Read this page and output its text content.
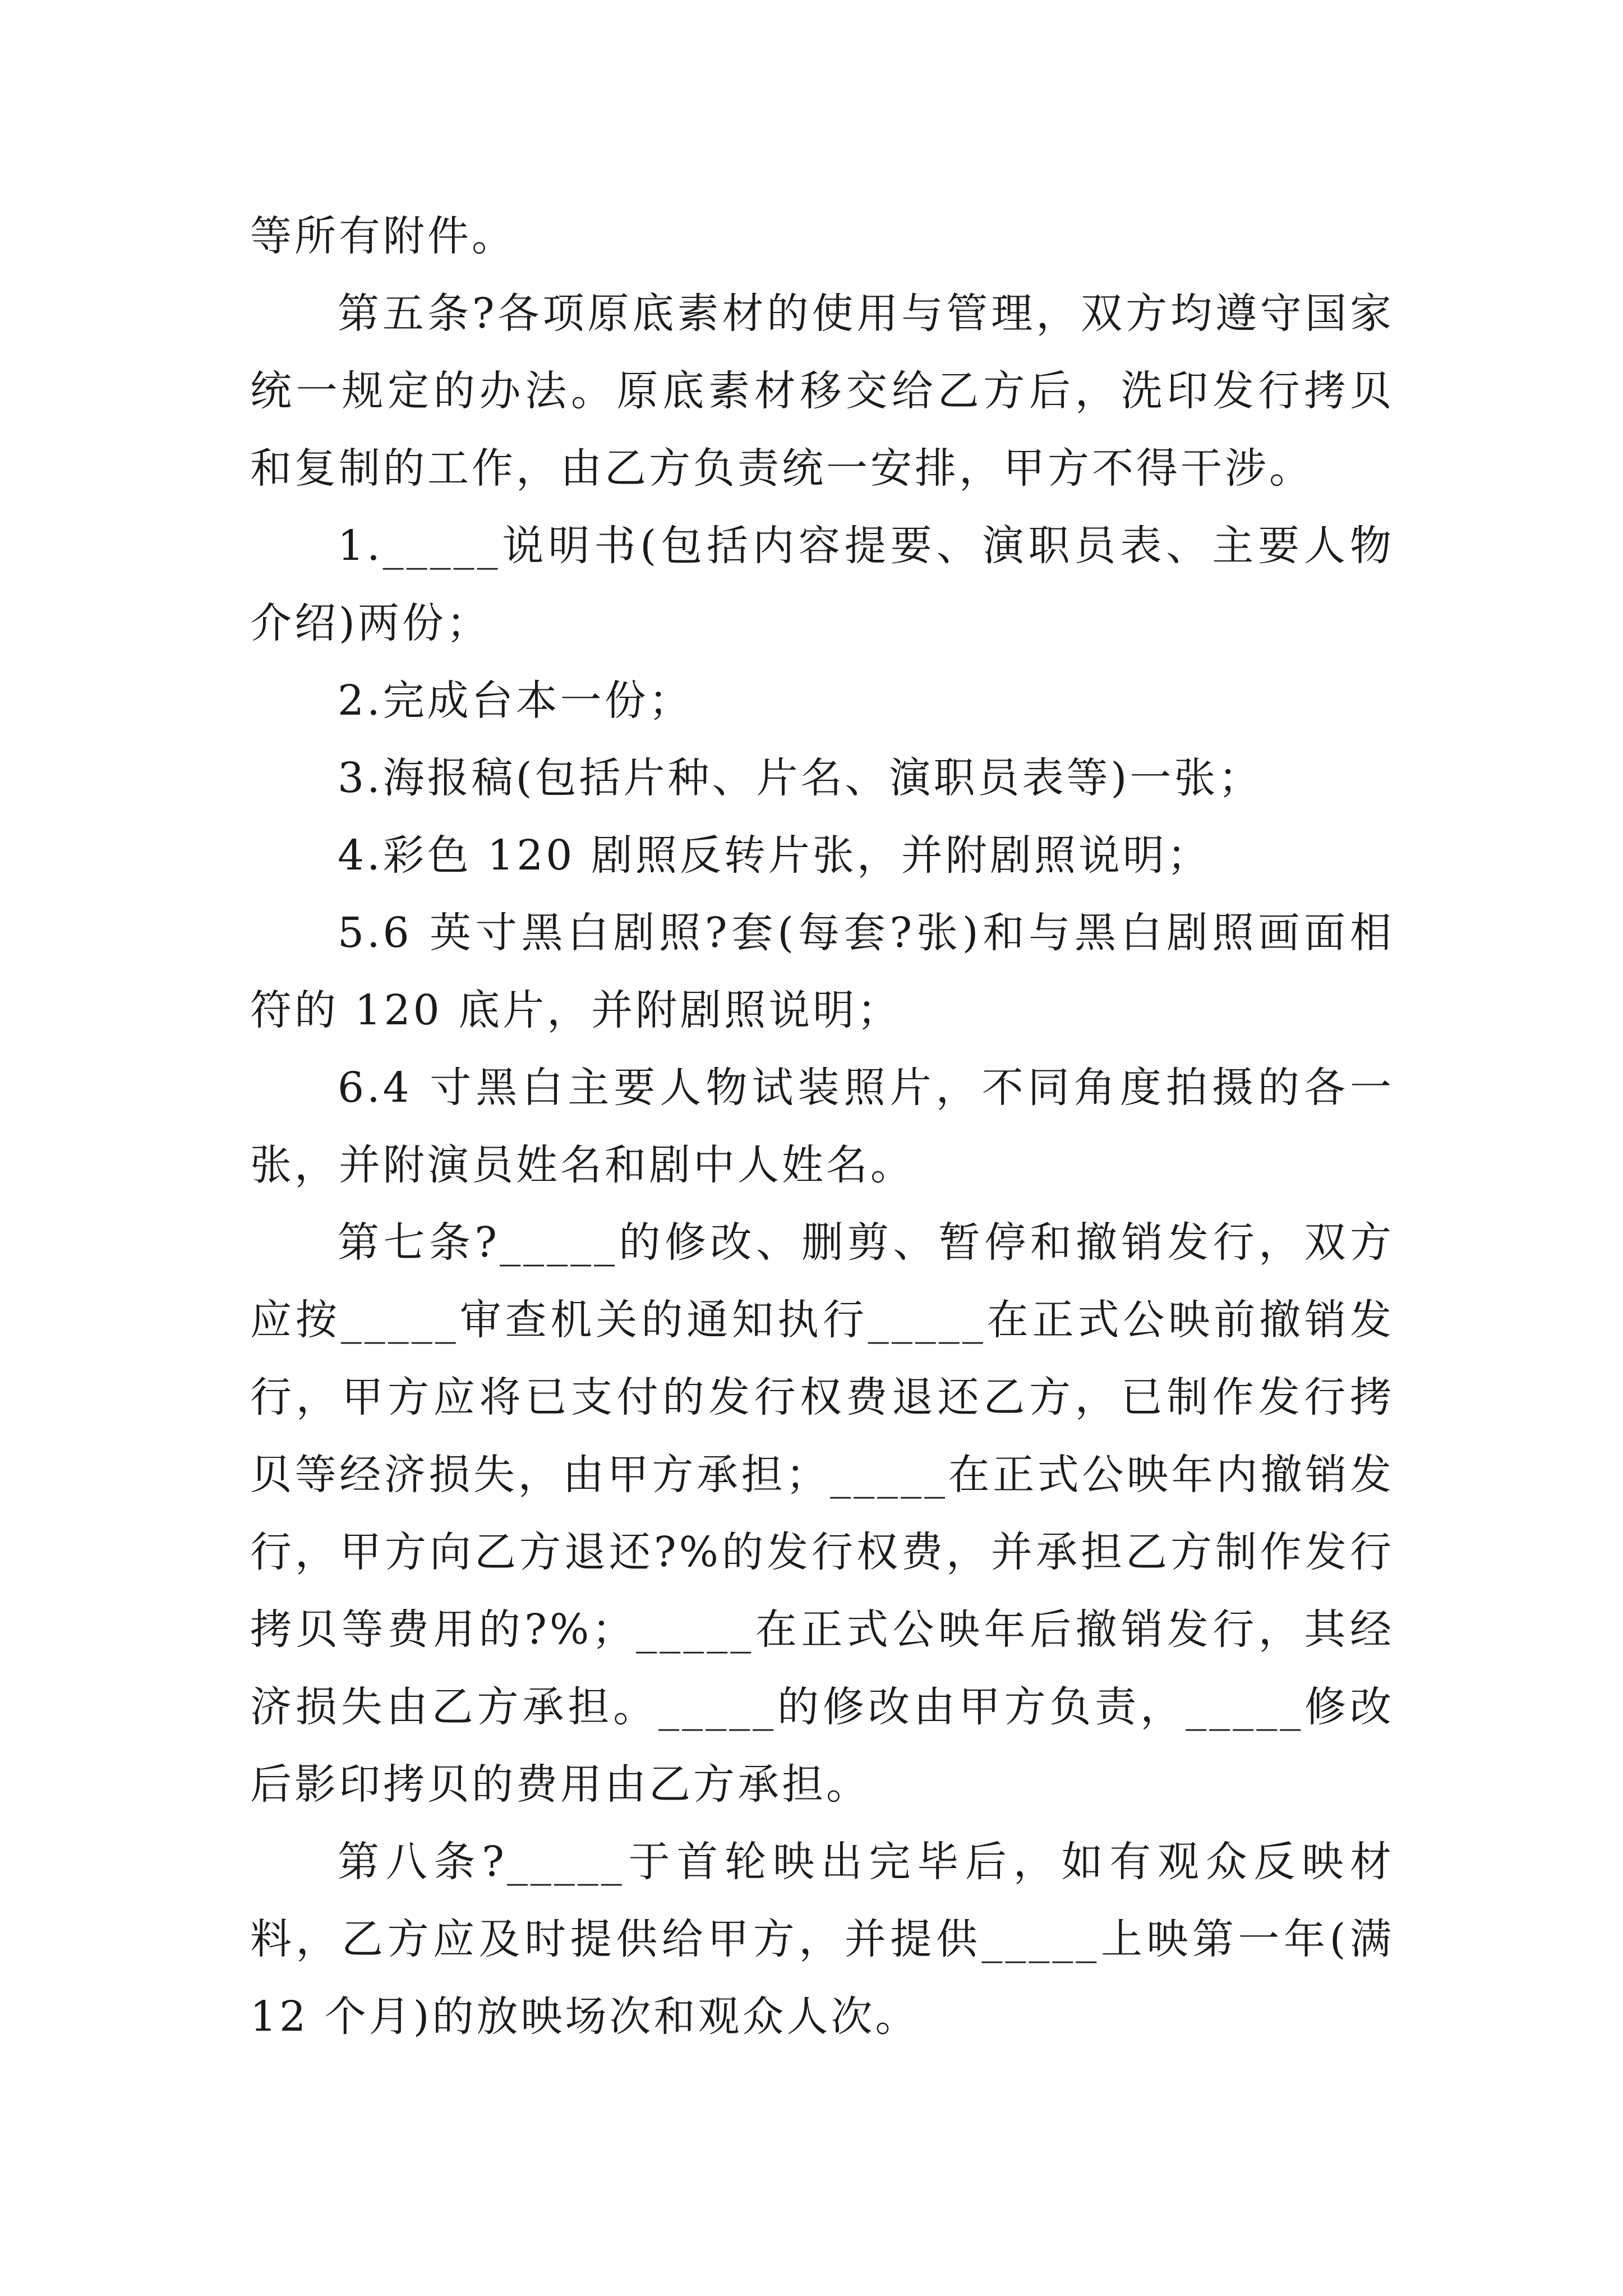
等所有附件。

第五条?各项原底素材的使用与管理，双方均遵守国家统一规定的办法。原底素材移交给乙方后，洗印发行拷贝和复制的工作，由乙方负责统一安排，甲方不得干涉。

1._____说明书(包括内容提要、演职员表、主要人物介绍)两份；

2.完成台本一份；

3.海报稿(包括片种、片名、演职员表等)一张；

4.彩色 120 剧照反转片张，并附剧照说明；

5.6 英寸黑白剧照?套(每套?张)和与黑白剧照画面相符的 120 底片，并附剧照说明；

6.4 寸黑白主要人物试装照片，不同角度拍摄的各一张，并附演员姓名和剧中人姓名。

第七条?_____的修改、删剪、暂停和撤销发行，双方应按_____审查机关的通知执行_____在正式公映前撤销发行，甲方应将已支付的发行权费退还乙方，已制作发行拷贝等经济损失，由甲方承担；_____在正式公映年内撤销发行，甲方向乙方退还?%的发行权费，并承担乙方制作发行拷贝等费用的?%；_____在正式公映年后撤销发行，其经济损失由乙方承担。_____的修改由甲方负责，_____修改后影印拷贝的费用由乙方承担。

第八条?_____于首轮映出完毕后，如有观众反映材料，乙方应及时提供给甲方，并提供_____上映第一年(满 12 个月)的放映场次和观众人次。
